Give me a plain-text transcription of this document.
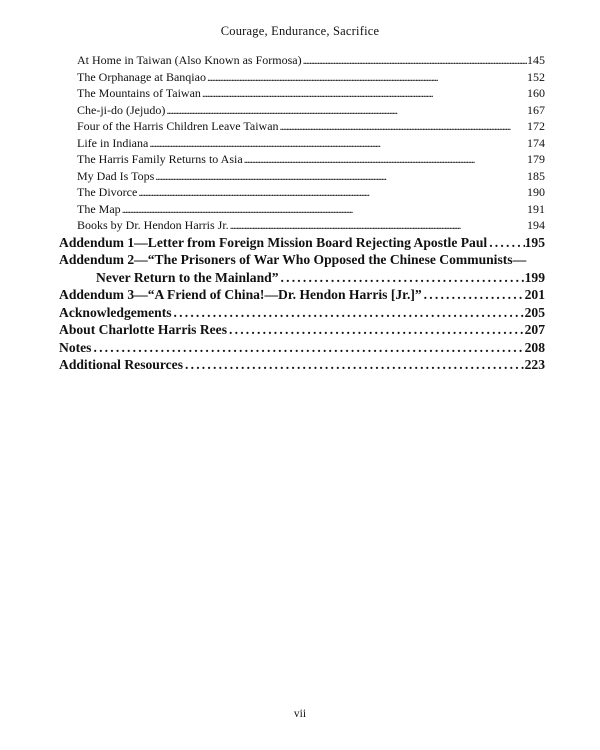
Courage, Endurance, Sacrifice
At Home in Taiwan (Also Known as Formosa) . . .	145
The Orphanage at Banqiao . . .	152
The Mountains of Taiwan . . .	160
Che-ji-do (Jejudo) . . .	167
Four of the Harris Children Leave Taiwan . . .	172
Life in Indiana . . .	174
The Harris Family Returns to Asia . . .	179
My Dad Is Tops . . .	185
The Divorce . . .	190
The Map . . .	191
Books by Dr. Hendon Harris Jr. . . .	194
Addendum 1—Letter from Foreign Mission Board Rejecting Apostle Paul . . .	195
Addendum 2—“The Prisoners of War Who Opposed the Chinese Communists—
Never Return to the Mainland” . . .	199
Addendum 3—“A Friend of China!—Dr. Hendon Harris [Jr.]” . . .	201
Acknowledgements . . .	205
About Charlotte Harris Rees . . .	207
Notes . . .	208
Additional Resources . . .	223
vii
